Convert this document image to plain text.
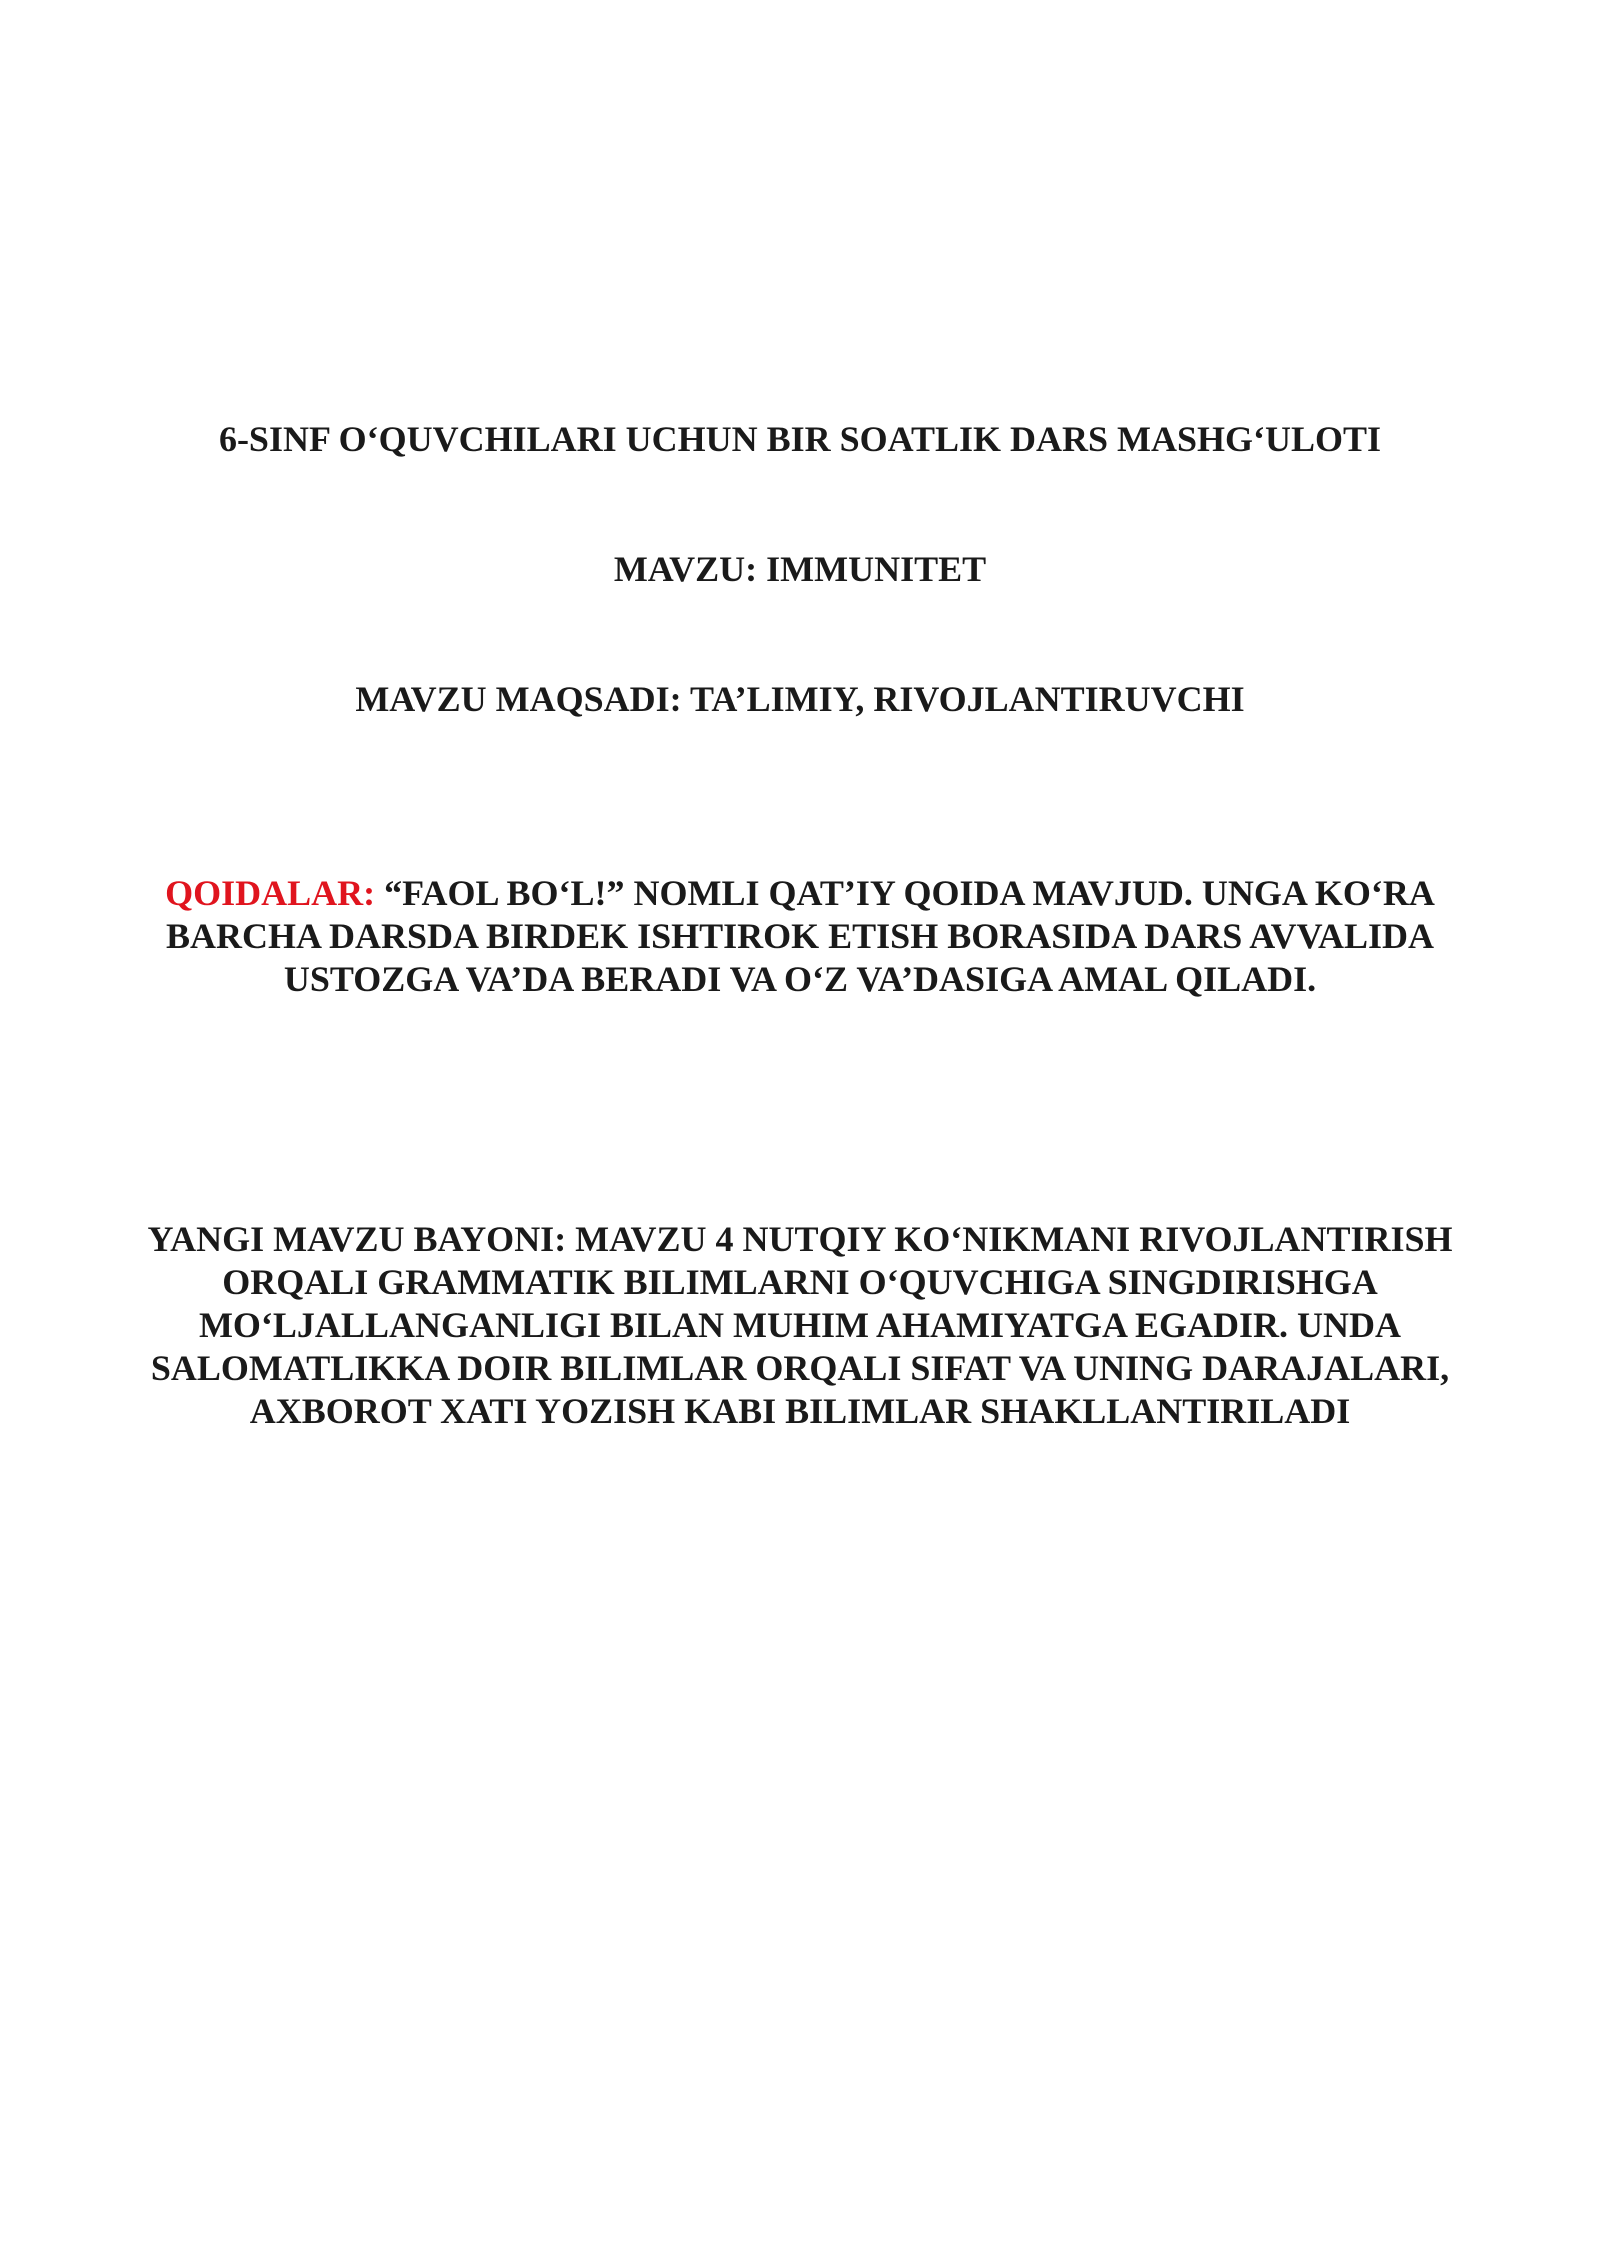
6-SINF O‘QUVCHILARI UCHUN BIR SOATLIK DARS MASHG‘ULOTI

MAVZU: IMMUNITET

MAVZU MAQSADI: TA’LIMIY, RIVOJLANTIRUVCHI

QOIDALAR: “FAOL BO‘L!” NOMLI QAT’IY QOIDA MAVJUD. UNGA KO‘RA BARCHA DARSDA BIRDEK ISHTIROK ETISH BORASIDA DARS AVVALIDA USTOZGA VA’DA BERADI VA O‘Z VA’DASIGA AMAL QILADI.

YANGI MAVZU BAYONI: MAVZU 4 NUTQIY KO‘NIKMANI RIVOJLANTIRISH ORQALI GRAMMATIK BILIMLARNI O‘QUVCHIGA SINGDIRISHGA MO‘LJALLANGANLIGI BILAN MUHIM AHAMIYATGA EGADIR. UNDA SALOMATLIKKA DOIR BILIMLAR ORQALI SIFAT VA UNING DARAJALARI, AXBOROT XATI YOZISH KABI BILIMLAR SHAKLLANTIRILADI
